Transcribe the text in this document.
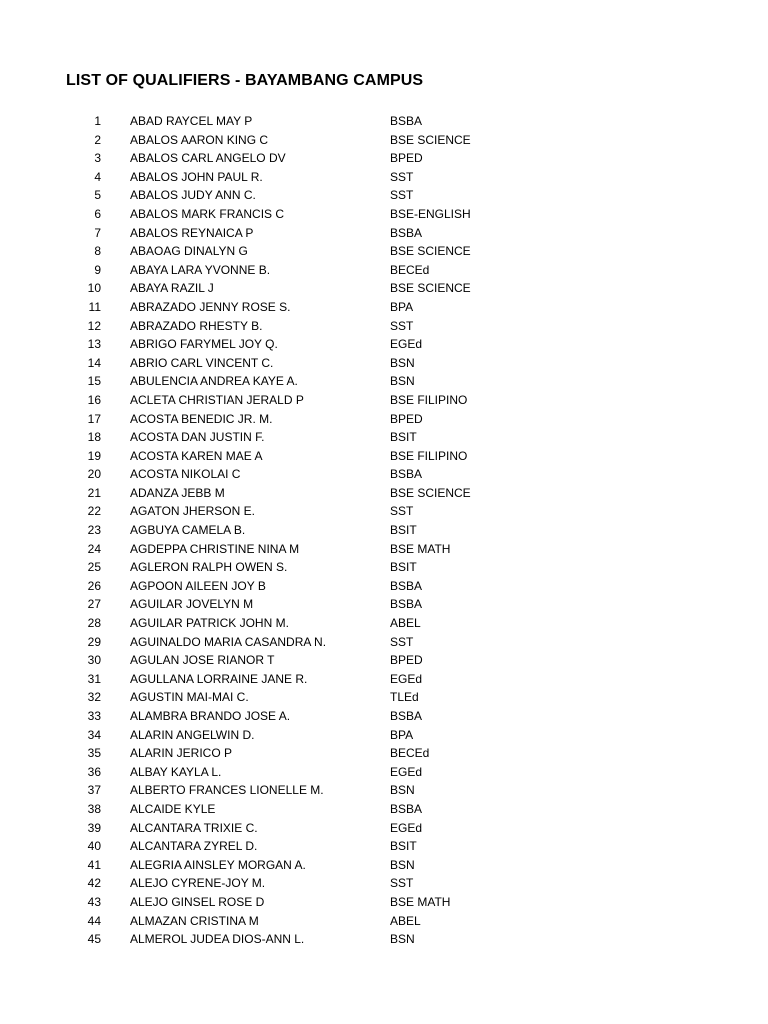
LIST OF QUALIFIERS - BAYAMBANG CAMPUS
1 ABAD RAYCEL MAY P	BSBA
2 ABALOS AARON KING C	BSE SCIENCE
3 ABALOS CARL ANGELO DV	BPED
4 ABALOS JOHN PAUL R.	SST
5 ABALOS JUDY ANN C.	SST
6 ABALOS MARK FRANCIS C	BSE-ENGLISH
7 ABALOS REYNAICA P	BSBA
8 ABAOAG DINALYN G	BSE SCIENCE
9 ABAYA LARA YVONNE B.	BECEd
10 ABAYA RAZIL J	BSE SCIENCE
11 ABRAZADO JENNY ROSE S.	BPA
12 ABRAZADO RHESTY B.	SST
13 ABRIGO FARYMEL JOY Q.	EGEd
14 ABRIO CARL VINCENT C.	BSN
15 ABULENCIA ANDREA KAYE A.	BSN
16 ACLETA CHRISTIAN JERALD P	BSE FILIPINO
17 ACOSTA BENEDIC JR. M.	BPED
18 ACOSTA DAN JUSTIN F.	BSIT
19 ACOSTA KAREN MAE A	BSE FILIPINO
20 ACOSTA NIKOLAI C	BSBA
21 ADANZA JEBB M	BSE SCIENCE
22 AGATON JHERSON E.	SST
23 AGBUYA CAMELA B.	BSIT
24 AGDEPPA CHRISTINE NINA M	BSE MATH
25 AGLERON RALPH OWEN S.	BSIT
26 AGPOON AILEEN JOY B	BSBA
27 AGUILAR JOVELYN M	BSBA
28 AGUILAR PATRICK JOHN M.	ABEL
29 AGUINALDO MARIA CASANDRA N.	SST
30 AGULAN JOSE RIANOR T	BPED
31 AGULLANA LORRAINE JANE R.	EGEd
32 AGUSTIN MAI-MAI C.	TLEd
33 ALAMBRA BRANDO JOSE A.	BSBA
34 ALARIN ANGELWIN D.	BPA
35 ALARIN JERICO P	BECEd
36 ALBAY KAYLA L.	EGEd
37 ALBERTO FRANCES LIONELLE M.	BSN
38 ALCAIDE KYLE	BSBA
39 ALCANTARA TRIXIE C.	EGEd
40 ALCANTARA ZYREL D.	BSIT
41 ALEGRIA AINSLEY MORGAN A.	BSN
42 ALEJO CYRENE-JOY M.	SST
43 ALEJO GINSEL ROSE D	BSE MATH
44 ALMAZAN CRISTINA M	ABEL
45 ALMEROL JUDEA DIOS-ANN L.	BSN
